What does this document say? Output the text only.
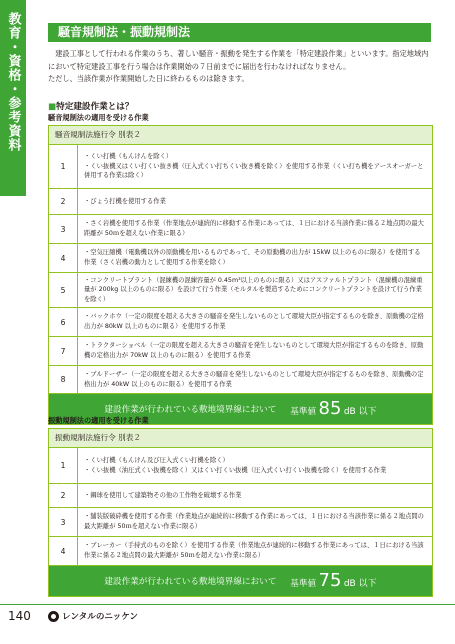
教育・資格・参考資料	騒音規制法・振動規制法

建設工事として行われる作業のうち、著しい騒音・振動を発生する作業を「特定建設作業」といいます。指定地域内において特定建設工事を行う場合は作業開始の７日前までに届出を行わなければなりません。

ただし、当該作業が作業開始した日に終わるものは除きます。

■特定建設作業とは？
騒音規制法の適用を受ける作業
騒音規制法施行令 別表２
1
・くい打機（もんけんを除く）
・くい抜機又はくい打くい抜き機（圧入式くい打ちくい抜き機を除く）を使用する作業（くい打ち機をアースオーガーと併用する作業は除く）
2	・びょう打機を使用する作業
3
・さく岩機を使用する作業（作業地点が連続的に移動する作業にあっては、１日における当該作業に係る２地点間の最大距離が 50ｍを超えない作業に限る）
4
・空気圧縮機（電動機以外の原動機を用いるものであって、その原動機の出力が 15kW 以上のものに限る）を使用する作業（さく岩機の動力として使用する作業を除く）
5
・コンクリートプラント（混練機の混練容量が 0.45m³以上のものに限る）又はアスファルトプラント（混練機の混練重量が 200kg 以上のものに限る）を設けて行う作業（モルタルを製造するためにコンクリートプラントを設けて行う作業を除く）
6
・バックホウ（一定の限度を超える大きさの騒音を発生しないものとして環境大臣が指定するものを除き、原動機の定格出力が 80kW 以上のものに限る）を使用する作業
7
・トラクターショベル（一定の限度を超える大きさの騒音を発生しないものとして環境大臣が指定するものを除き、原動機の定格出力が 70kW 以上のものに限る）を使用する作業
8
・ブルドーザー（一定の限度を超える大きさの騒音を発生しないものとして環境大臣が指定するものを除き、原動機の定格出力が 40kW 以上のものに限る）を使用する作業
建設作業が行われている敷地境界線において 基準値 85 dB 以下
振動規制法の適用を受ける作業
振動規制法施行令 別表２
1
・くい打機（もんけん及び圧入式くい打機を除く）
・くい抜機（油圧式くい抜機を除く）又はくい打くい抜機（圧入式くい打くい抜機を除く）を使用する作業
2	・鋼球を使用して建築物その他の工作物を破壊する作業
3
・舗装版破砕機を使用する作業（作業地点が連続的に移動する作業にあっては、１日における当該作業に係る２地点間の最大距離が 50ｍを超えない作業に限る）
4
・ブレーカー（手持式のものを除く）を使用する作業（作業地点が連続的に移動する作業にあっては、１日における当該作業に係る２地点間の最大距離が 50ｍを超えない作業に限る）
建設作業が行われている敷地境界線において 基準値 75 dB 以下
140	レンタルのニッケン
